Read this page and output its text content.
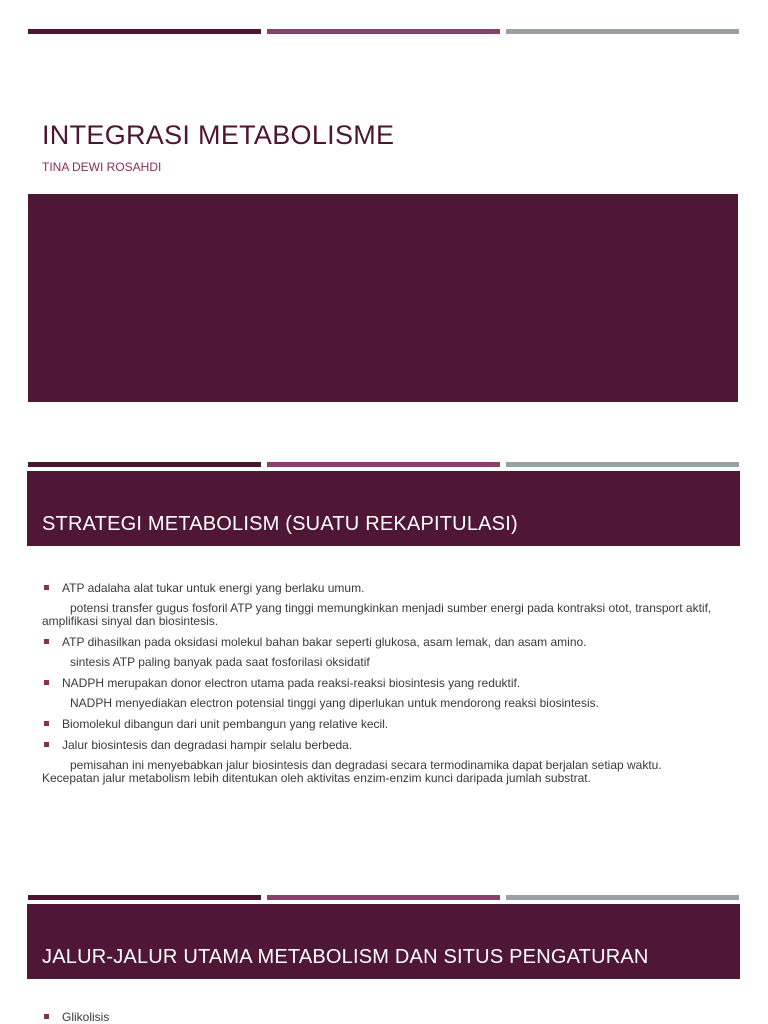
INTEGRASI METABOLISME
TINA DEWI ROSAHDI
STRATEGI METABOLISM (SUATU REKAPITULASI)
ATP adalaha alat tukar untuk energi yang berlaku umum.
potensi transfer gugus fosforil ATP yang tinggi memungkinkan menjadi sumber energi pada kontraksi otot, transport aktif, amplifikasi sinyal dan biosintesis.
ATP dihasilkan pada oksidasi molekul bahan bakar seperti glukosa, asam lemak, dan asam amino.
sintesis ATP paling banyak pada saat fosforilasi oksidatif
NADPH merupakan donor electron utama pada reaksi-reaksi biosintesis yang reduktif.
NADPH menyediakan electron potensial tinggi yang diperlukan untuk mendorong reaksi biosintesis.
Biomolekul dibangun dari unit pembangun yang relative kecil.
Jalur biosintesis dan degradasi hampir selalu berbeda.
pemisahan ini menyebabkan jalur biosintesis dan degradasi secara termodinamika dapat berjalan setiap waktu. Kecepatan jalur metabolism lebih ditentukan oleh aktivitas enzim-enzim kunci daripada jumlah substrat.
JALUR-JALUR UTAMA METABOLISM DAN SITUS PENGATURAN
Glikolisis
